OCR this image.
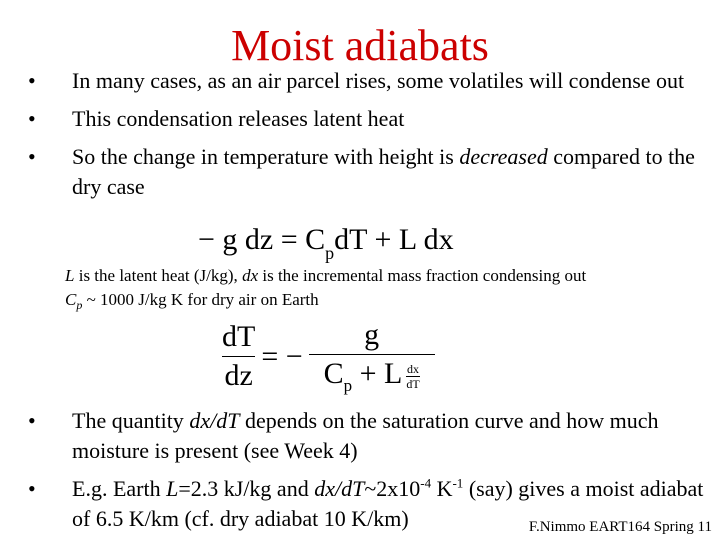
Moist adiabats
• In many cases, as an air parcel rises, some volatiles will condense out
• This condensation releases latent heat
• So the change in temperature with height is decreased compared to the dry case
− g dz = $C_pdT + L$ dx
L is the latent heat (J/kg), dx is the incremental mass fraction condensing out
$C_p$ ~ 1000 J/kg K for dry air on Earth
$\frac{dT}{dz}$ = − $\frac{g}{C_p + L \frac{dx}{dT}}$
• The quantity dx/dT depends on the saturation curve and how much moisture is present (see Week 4)
• E.g. Earth L=2.3 kJ/kg and $dx/dT\sim 2x10^{-4}$ $K^{-1}$ (say) gives a moist adiabat of 6.5 K/km (cf. dry adiabat 10 K/km)	F.Nimmo EART164 Spring 11
